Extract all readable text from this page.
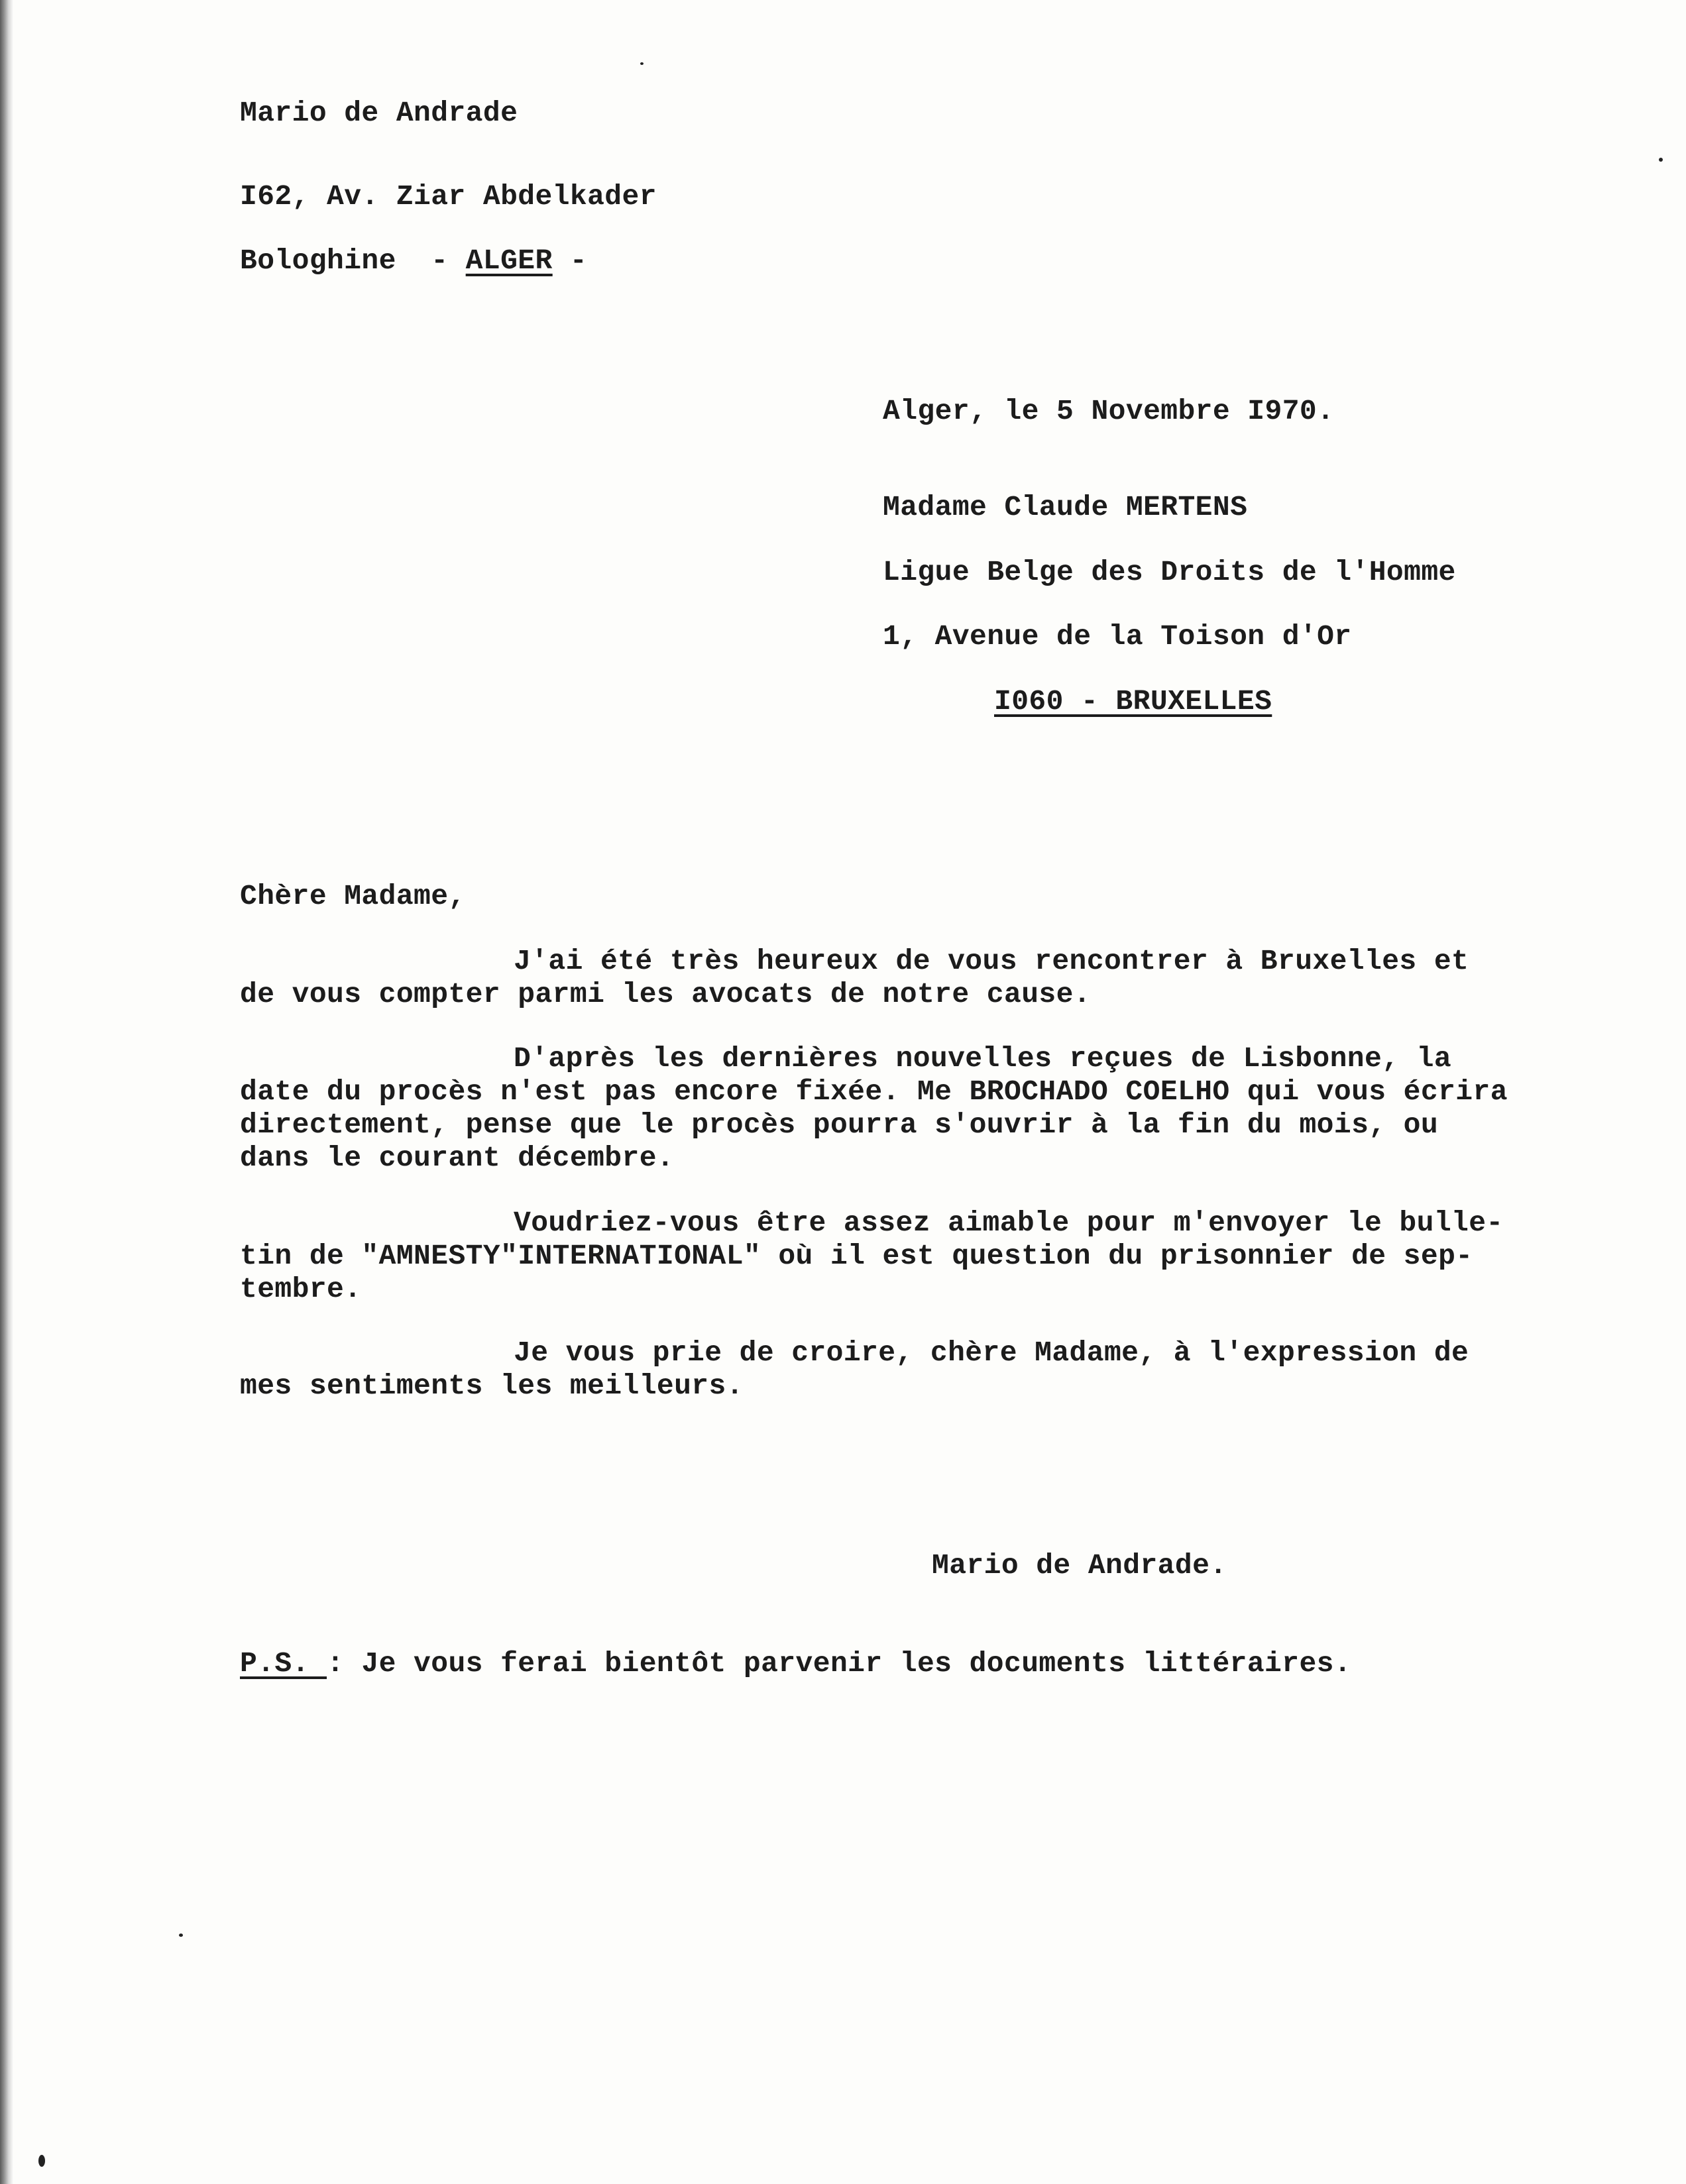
Mario de Andrade
I62, Av. Ziar Abdelkader
Bologhine  - ALGER -
Alger, le 5 Novembre I970.
Madame Claude MERTENS
Ligue Belge des Droits de l'Homme
1, Avenue de la Toison d'Or
I060 - BRUXELLES
Chère Madame,
J'ai été très heureux de vous rencontrer à Bruxelles et
de vous compter parmi les avocats de notre cause.
D'après les dernières nouvelles reçues de Lisbonne, la
date du procès n'est pas encore fixée. Me BROCHADO COELHO qui vous écrira
directement, pense que le procès pourra s'ouvrir à la fin du mois, ou
dans le courant décembre.
Voudriez-vous être assez aimable pour m'envoyer le bulle-
tin de "AMNESTY"INTERNATIONAL" où il est question du prisonnier de sep-
tembre.
Je vous prie de croire, chère Madame, à l'expression de
mes sentiments les meilleurs.
Mario de Andrade.
P.S. : Je vous ferai bientôt parvenir les documents littéraires.
